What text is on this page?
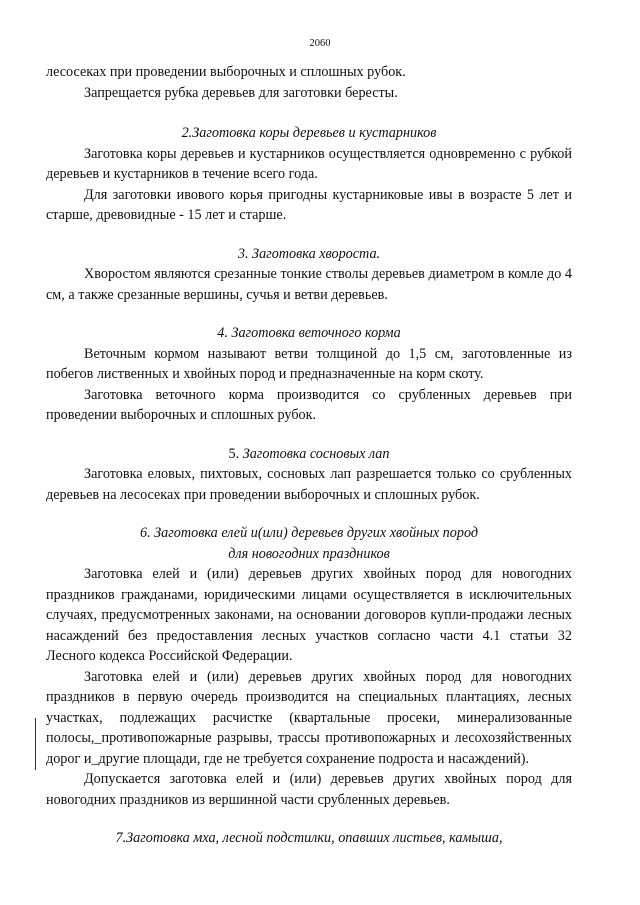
2060

лесосеках при проведении выборочных и сплошных рубок.

Запрещается рубка деревьев для заготовки бересты.

2.Заготовка коры деревьев и кустарников

Заготовка коры деревьев и кустарников осуществляется одновременно с рубкой деревьев и кустарников в течение всего года.

Для заготовки ивового корья пригодны кустарниковые ивы в возрасте 5 лет и старше, древовидные - 15 лет и старше.

3. Заготовка хвороста.

Хворостом являются срезанные тонкие стволы деревьев диаметром в комле до 4 см, а также срезанные вершины, сучья и ветви деревьев.

4. Заготовка веточного корма

Веточным кормом называют ветви толщиной до 1,5 см, заготовленные из побегов лиственных и хвойных пород и предназначенные на корм скоту.

Заготовка веточного корма производится со срубленных деревьев при проведении выборочных и сплошных рубок.

5. Заготовка сосновых лап

Заготовка еловых, пихтовых, сосновых лап разрешается только со срубленных деревьев на лесосеках при проведении выборочных и сплошных рубок.

6. Заготовка елей и(или) деревьев других хвойных пород
для новогодних праздников

Заготовка елей и (или) деревьев других хвойных пород для новогодних праздников гражданами, юридическими лицами осуществляется в исключительных случаях, предусмотренных законами, на основании договоров купли-продажи лесных насаждений без предоставления лесных участков согласно части 4.1 статьи 32 Лесного кодекса Российской Федерации.

Заготовка елей и (или) деревьев других хвойных пород для новогодних праздников в первую очередь производится на специальных плантациях, лесных участках, подлежащих расчистке (квартальные просеки, минерализованные полосы,_противопожарные разрывы, трассы противопожарных и лесохозяйственных дорог и_другие площади, где не требуется сохранение подроста и насаждений).

Допускается заготовка елей и (или) деревьев других хвойных пород для новогодних праздников из вершинной части срубленных деревьев.

7.Заготовка мха, лесной подстилки, опавших листьев, камыша,
